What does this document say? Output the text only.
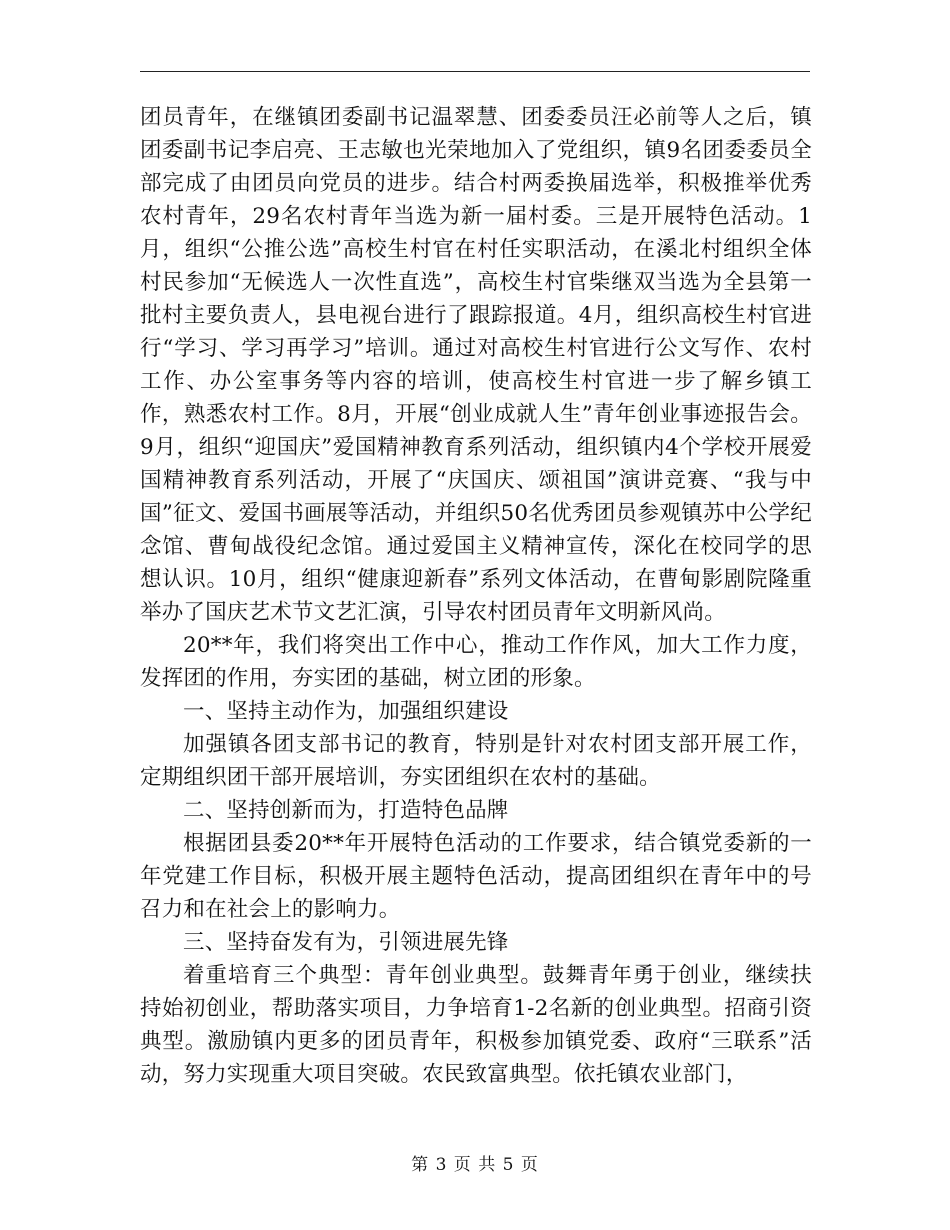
团员青年，在继镇团委副书记温翠慧、团委委员汪必前等人之后，镇团委副书记李启亮、王志敏也光荣地加入了党组织，镇9名团委委员全部完成了由团员向党员的进步。结合村两委换届选举，积极推举优秀农村青年，29名农村青年当选为新一届村委。三是开展特色活动。1月，组织“公推公选”高校生村官在村任实职活动，在溪北村组织全体村民参加“无候选人一次性直选”，高校生村官柴继双当选为全县第一批村主要负责人，县电视台进行了跟踪报道。4月，组织高校生村官进行“学习、学习再学习”培训。通过对高校生村官进行公文写作、农村工作、办公室事务等内容的培训，使高校生村官进一步了解乡镇工作，熟悉农村工作。8月，开展“创业成就人生”青年创业事迹报告会。9月，组织“迎国庆”爱国精神教育系列活动，组织镇内4个学校开展爱国精神教育系列活动，开展了“庆国庆、颂祖国”演讲竞赛、“我与中国”征文、爱国书画展等活动，并组织50名优秀团员参观镇苏中公学纪念馆、曹甸战役纪念馆。通过爱国主义精神宣传，深化在校同学的思想认识。10月，组织“健康迎新春”系列文体活动，在曹甸影剧院隆重举办了国庆艺术节文艺汇演，引导农村团员青年文明新风尚。

20**年，我们将突出工作中心，推动工作作风，加大工作力度，发挥团的作用，夯实团的基础，树立团的形象。

一、坚持主动作为，加强组织建设

加强镇各团支部书记的教育，特别是针对农村团支部开展工作，定期组织团干部开展培训，夯实团组织在农村的基础。

二、坚持创新而为，打造特色品牌

根据团县委20**年开展特色活动的工作要求，结合镇党委新的一年党建工作目标，积极开展主题特色活动，提高团组织在青年中的号召力和在社会上的影响力。

三、坚持奋发有为，引领进展先锋

着重培育三个典型：青年创业典型。鼓舞青年勇于创业，继续扶持始初创业，帮助落实项目，力争培育1-2名新的创业典型。招商引资典型。激励镇内更多的团员青年，积极参加镇党委、政府“三联系”活动，努力实现重大项目突破。农民致富典型。依托镇农业部门，

第 3 页 共 5 页
